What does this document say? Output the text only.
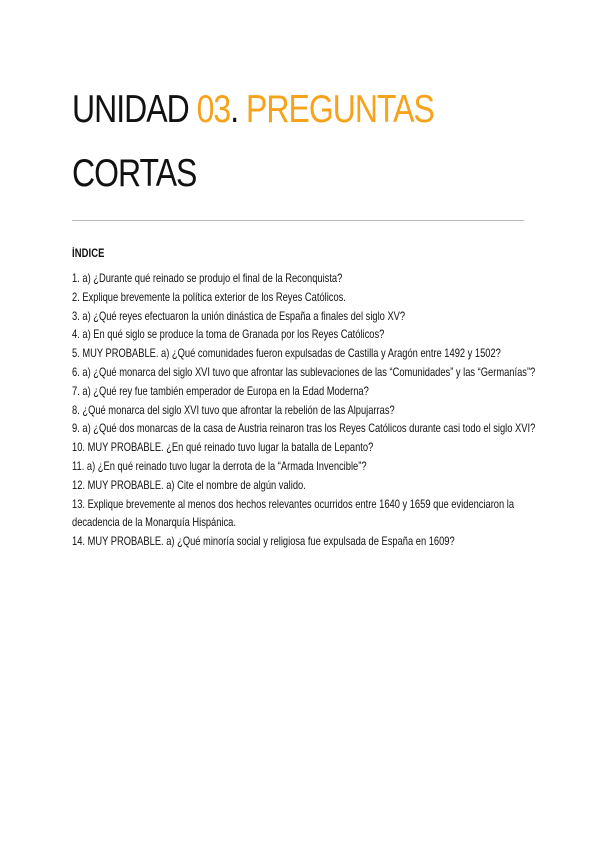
UNIDAD 03. PREGUNTAS
CORTAS
ÍNDICE
1. a) ¿Durante qué reinado se produjo el final de la Reconquista?
2. Explique brevemente la política exterior de los Reyes Católicos.
3. a) ¿Qué reyes efectuaron la unión dinástica de España a finales del siglo XV?
4. a) En qué siglo se produce la toma de Granada por los Reyes Católicos?
5. MUY PROBABLE. a) ¿Qué comunidades fueron expulsadas de Castilla y Aragón entre 1492 y 1502?
6. a) ¿Qué monarca del siglo XVI tuvo que afrontar las sublevaciones de las “Comunidades” y las “Germanías”?
7. a) ¿Qué rey fue también emperador de Europa en la Edad Moderna?
8. ¿Qué monarca del siglo XVI tuvo que afrontar la rebelión de las Alpujarras?
9. a) ¿Qué dos monarcas de la casa de Austria reinaron tras los Reyes Católicos durante casi todo el siglo XVI?
10. MUY PROBABLE. ¿En qué reinado tuvo lugar la batalla de Lepanto?
11. a) ¿En qué reinado tuvo lugar la derrota de la “Armada Invencible”?
12. MUY PROBABLE. a) Cite el nombre de algún valido.
13. Explique brevemente al menos dos hechos relevantes ocurridos entre 1640 y 1659 que evidenciaron la
decadencia de la Monarquía Hispánica.
14. MUY PROBABLE. a) ¿Qué minoría social y religiosa fue expulsada de España en 1609?
